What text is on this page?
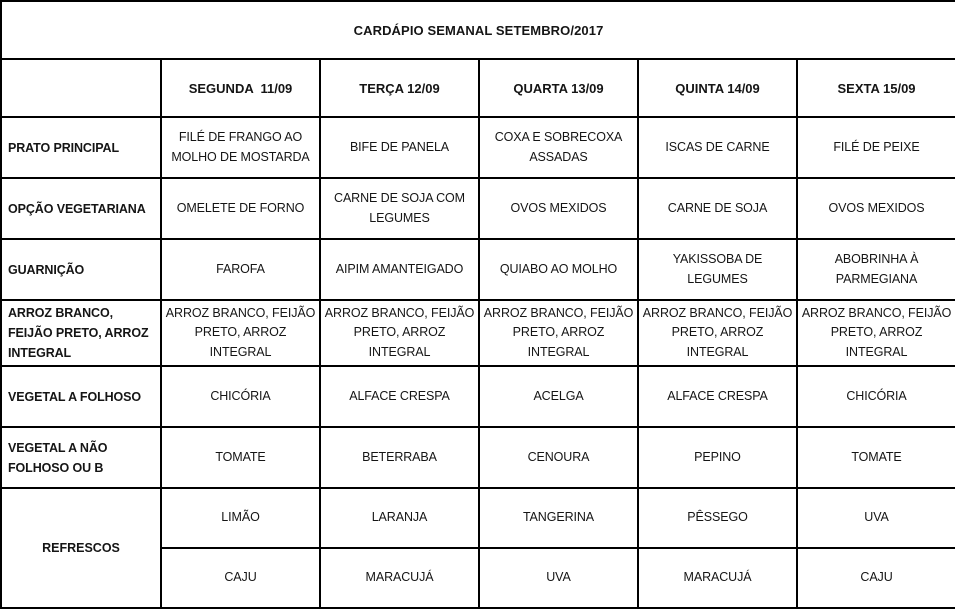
CARDÁPIO SEMANAL SETEMBRO/2017					
	SEGUNDA  11/09	TERÇA 12/09	QUARTA 13/09	QUINTA 14/09	SEXTA 15/09
PRATO PRINCIPAL	FILÉ DE FRANGO AO MOLHO DE MOSTARDA	BIFE DE PANELA	COXA E SOBRECOXA ASSADAS	ISCAS DE CARNE	FILÉ DE PEIXE
OPÇÃO VEGETARIANA	OMELETE DE FORNO	CARNE DE SOJA COM LEGUMES	OVOS MEXIDOS	CARNE DE SOJA	OVOS MEXIDOS
GUARNIÇÃO	FAROFA	AIPIM AMANTEIGADO	QUIABO AO MOLHO	YAKISSOBA DE LEGUMES	ABOBRINHA À PARMEGIANA
ARROZ BRANCO, FEIJÃO PRETO, ARROZ INTEGRAL	ARROZ BRANCO, FEIJÃO PRETO, ARROZ INTEGRAL	ARROZ BRANCO, FEIJÃO PRETO, ARROZ INTEGRAL	ARROZ BRANCO, FEIJÃO PRETO, ARROZ INTEGRAL	ARROZ BRANCO, FEIJÃO PRETO, ARROZ INTEGRAL	ARROZ BRANCO, FEIJÃO PRETO, ARROZ INTEGRAL
VEGETAL A FOLHOSO	CHICÓRIA	ALFACE CRESPA	ACELGA	ALFACE CRESPA	CHICÓRIA
VEGETAL A NÃO FOLHOSO OU B	TOMATE	BETERRABA	CENOURA	PEPINO	TOMATE
REFRESCOS	LIMÃO	LARANJA	TANGERINA	PÊSSEGO	UVA
	CAJU	MARACUJÁ	UVA	MARACUJÁ	CAJU
